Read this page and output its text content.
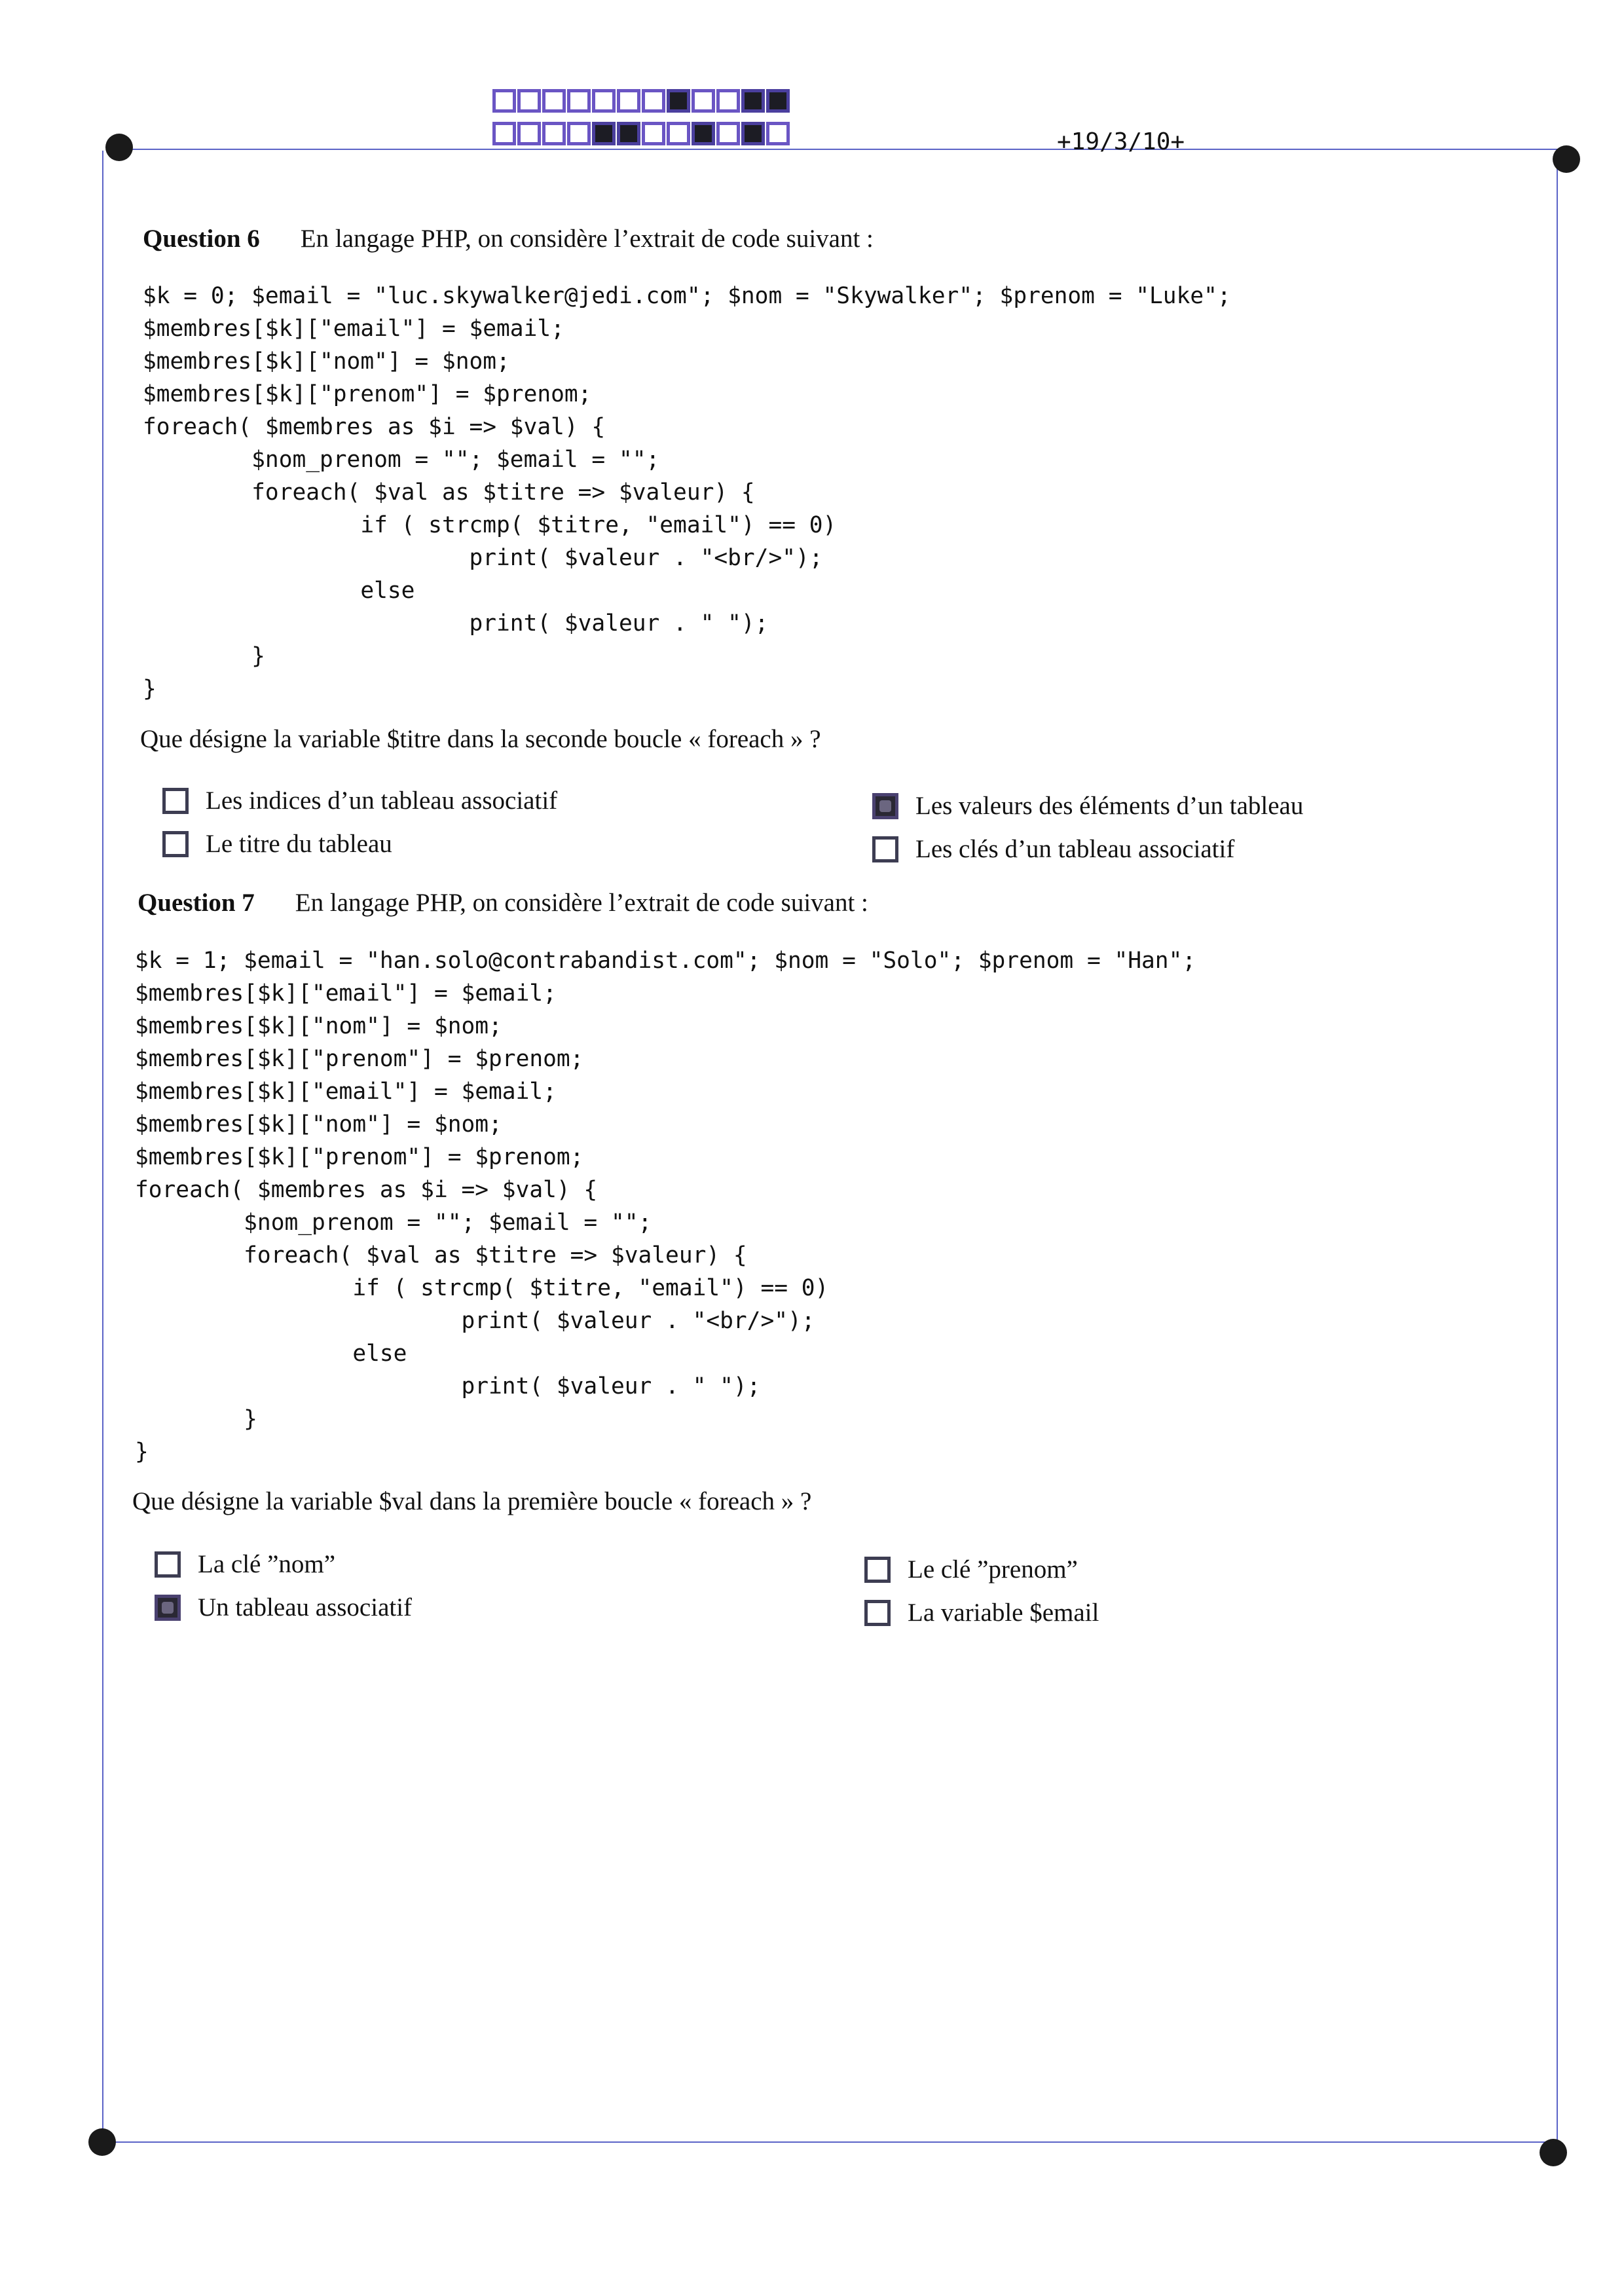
+19/3/10+
Question 6 En langage PHP, on considère l’extrait de code suivant :
$k = 0; $email = "luc.skywalker@jedi.com"; $nom = "Skywalker"; $prenom = "Luke";
$membres[$k]["email"] = $email;
$membres[$k]["nom"] = $nom;
$membres[$k]["prenom"] = $prenom;
foreach( $membres as $i => $val) {
$nom_prenom = ""; $email = "";
foreach( $val as $titre => $valeur) {
if ( strcmp( $titre, "email") == 0)
print( $valeur . "<br/>");
else
print( $valeur . " ");
}
}
Que désigne la variable $titre dans la seconde boucle « foreach » ?
Les indices d’un tableau associatif
Le titre du tableau
Les valeurs des éléments d’un tableau
Les clés d’un tableau associatif
Question 7 En langage PHP, on considère l’extrait de code suivant :
$k = 1; $email = "han.solo@contrabandist.com"; $nom = "Solo"; $prenom = "Han";
$membres[$k]["email"] = $email;
$membres[$k]["nom"] = $nom;
$membres[$k]["prenom"] = $prenom;
$membres[$k]["email"] = $email;
$membres[$k]["nom"] = $nom;
$membres[$k]["prenom"] = $prenom;
foreach( $membres as $i => $val) {
$nom_prenom = ""; $email = "";
foreach( $val as $titre => $valeur) {
if ( strcmp( $titre, "email") == 0)
print( $valeur . "<br/>");
else
print( $valeur . " ");
}
}
Que désigne la variable $val dans la première boucle « foreach » ?
La clé ”nom”
Un tableau associatif
Le clé ”prenom”
La variable $email
